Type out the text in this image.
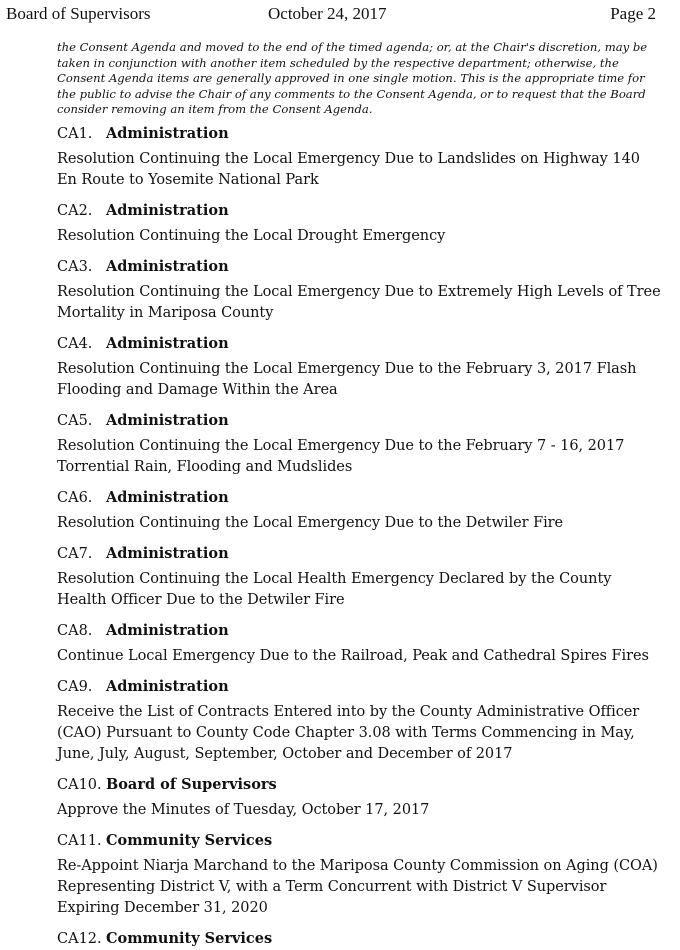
Board of Supervisors	October 24, 2017	Page 2

the Consent Agenda and moved to the end of the timed agenda; or, at the Chair's discretion, may be taken in conjunction with another item scheduled by the respective department; otherwise, the Consent Agenda items are generally approved in one single motion. This is the appropriate time for the public to advise the Chair of any comments to the Consent Agenda, or to request that the Board consider removing an item from the Consent Agenda.

CA1. Administration

Resolution Continuing the Local Emergency Due to Landslides on Highway 140 En Route to Yosemite National Park

CA2. Administration

Resolution Continuing the Local Drought Emergency

CA3. Administration

Resolution Continuing the Local Emergency Due to Extremely High Levels of Tree Mortality in Mariposa County

CA4. Administration

Resolution Continuing the Local Emergency Due to the February 3, 2017 Flash Flooding and Damage Within the Area

CA5. Administration

Resolution Continuing the Local Emergency Due to the February 7 - 16, 2017 Torrential Rain, Flooding and Mudslides

CA6. Administration

Resolution Continuing the Local Emergency Due to the Detwiler Fire

CA7. Administration

Resolution Continuing the Local Health Emergency Declared by the County Health Officer Due to the Detwiler Fire

CA8. Administration

Continue Local Emergency Due to the Railroad, Peak and Cathedral Spires Fires

CA9. Administration

Receive the List of Contracts Entered into by the County Administrative Officer (CAO) Pursuant to County Code Chapter 3.08 with Terms Commencing in May, June, July, August, September, October and December of 2017

CA10. Board of Supervisors

Approve the Minutes of Tuesday, October 17, 2017

CA11. Community Services

Re-Appoint Niarja Marchand to the Mariposa County Commission on Aging (COA) Representing District V, with a Term Concurrent with District V Supervisor Expiring December 31, 2020

CA12. Community Services
